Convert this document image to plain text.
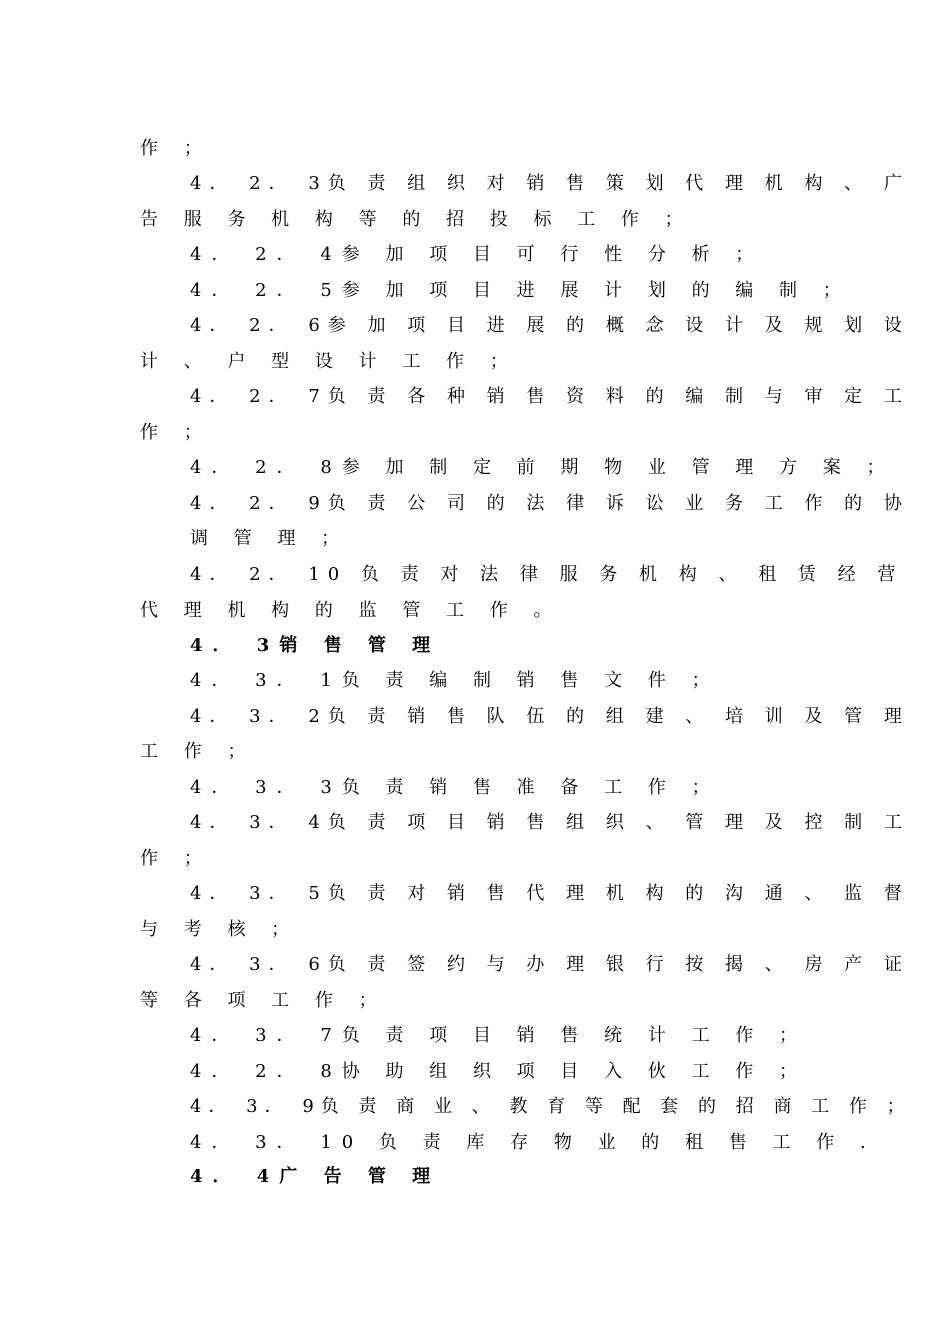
作 ；

4． 2． 3负 责 组 织 对 销 售 策 划 代 理 机 构 、 广

告 服 务 机 构 等 的 招 投 标 工 作 ；

4． 2． 4参 加 项 目 可 行 性 分 析 ；

4． 2． 5参 加 项 目 进 展 计 划 的 编 制 ；

4． 2． 6参 加 项 目 进 展 的 概 念 设 计 及 规 划 设

计 、 户 型 设 计 工 作 ；

4． 2． 7负 责 各 种 销 售 资 料 的 编 制 与 审 定 工

作 ；

4． 2． 8参 加 制 定 前 期 物 业 管 理 方 案 ；

4． 2． 9负 责 公 司 的 法 律 诉 讼 业 务 工 作 的 协

调 管 理 ；

4． 2． 10 负 责 对 法 律 服 务 机 构 、 租 赁 经 营

代 理 机 构 的 监 管 工 作 。

4． 3销 售 管 理

4． 3． 1负 责 编 制 销 售 文 件 ；

4． 3． 2负 责 销 售 队 伍 的 组 建 、 培 训 及 管 理

工 作 ；

4． 3． 3负 责 销 售 准 备 工 作 ；

4． 3． 4负 责 项 目 销 售 组 织 、 管 理 及 控 制 工

作 ；

4． 3． 5负 责 对 销 售 代 理 机 构 的 沟 通 、 监 督

与 考 核 ；

4． 3． 6负 责 签 约 与 办 理 银 行 按 揭 、 房 产 证

等 各 项 工 作 ；

4． 3． 7负 责 项 目 销 售 统 计 工 作 ；

4． 2． 8协 助 组 织 项 目 入 伙 工 作 ；

4． 3． 9负 责 商 业 、 教 育 等 配 套 的 招 商 工 作 ；

4． 3． 10 负 责 库 存 物 业 的 租 售 工 作 .

4． 4广 告 管 理
